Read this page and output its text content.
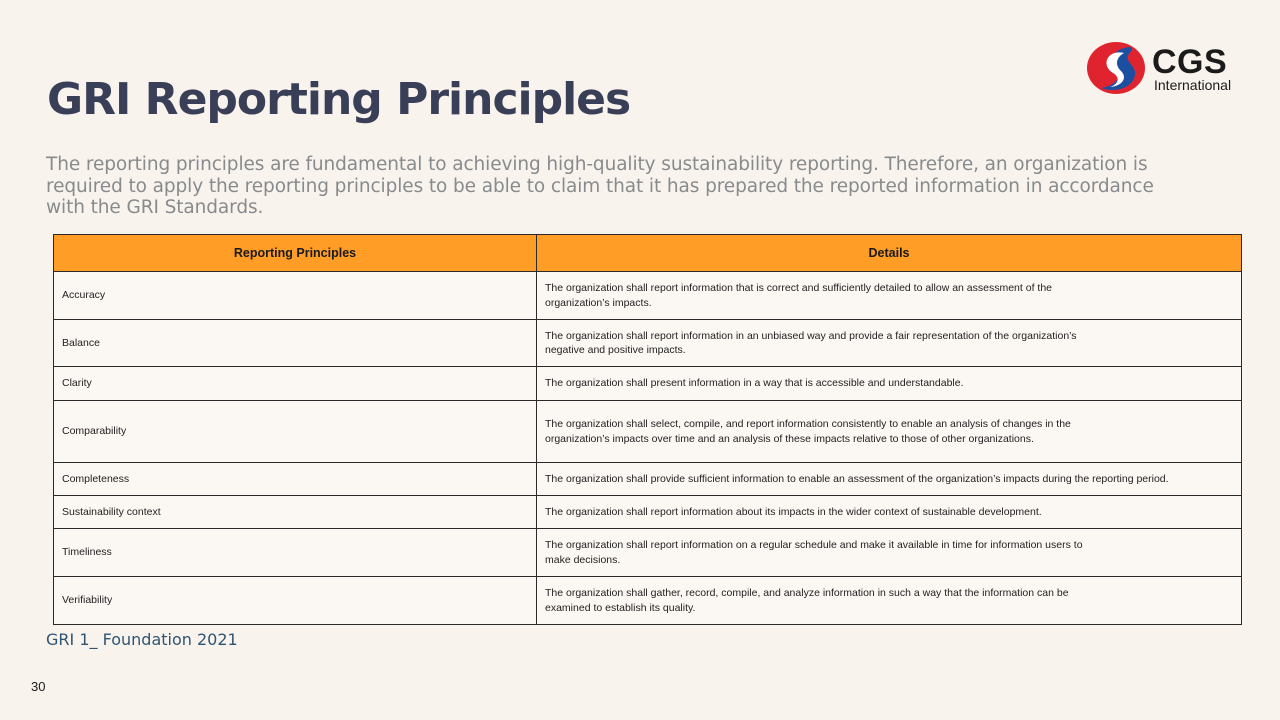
CGS
International
GRI Reporting Principles

The reporting principles are fundamental to achieving high-quality sustainability reporting. Therefore, an organization is required to apply the reporting principles to be able to claim that it has prepared the reported information in accordance with the GRI Standards.

Reporting Principles	Details
Accuracy	The organization shall report information that is correct and sufficiently detailed to allow an assessment of the organization’s impacts.

Balance	The organization shall report information in an unbiased way and provide a fair representation of the organization’s negative and positive impacts.

Clarity	The organization shall present information in a way that is accessible and understandable.

Comparability	The organization shall select, compile, and report information consistently to enable an analysis of changes in the organization’s impacts over time and an analysis of these impacts relative to those of other organizations.

Completeness	The organization shall provide sufficient information to enable an assessment of the organization’s impacts during the reporting period.

Sustainability context	The organization shall report information about its impacts in the wider context of sustainable development.

Timeliness	The organization shall report information on a regular schedule and make it available in time for information users to make decisions.

Verifiability	The organization shall gather, record, compile, and analyze information in such a way that the information can be examined to establish its quality.

GRI 1_ Foundation 2021

30
